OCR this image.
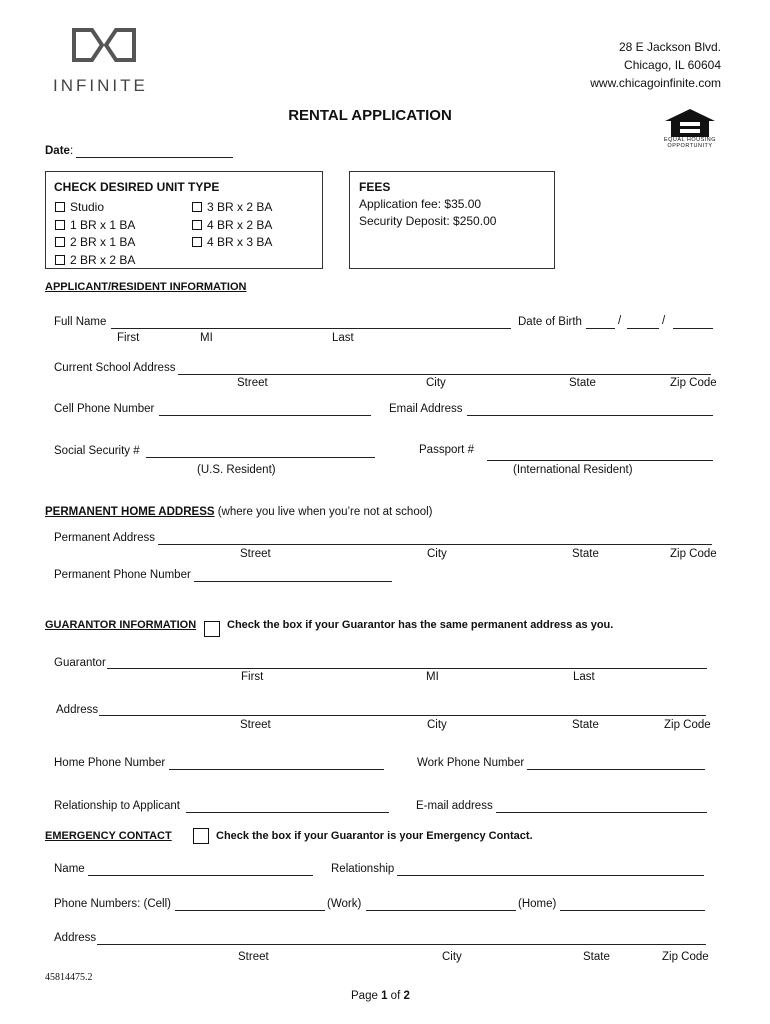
INFINITE
28 E Jackson Blvd.
Chicago, IL 60604
www.chicagoinfinite.com
RENTAL APPLICATION
EQUAL HOUSING
OPPORTUNITY
Date:
CHECK DESIRED UNIT TYPE
Studio
1 BR x 1 BA
2 BR x 1 BA
2 BR x 2 BA
3 BR x 2 BA
4 BR x 2 BA
4 BR x 3 BA
FEES
Application fee: $35.00
Security Deposit: $250.00
APPLICANT/RESIDENT INFORMATION
Full Name	Date of Birth	/	/
First	MI	Last
Current School Address
Street	City	State	Zip Code
Cell Phone Number	Email Address
Social Security #	Passport #
(U.S. Resident)	(International Resident)
PERMANENT HOME ADDRESS (where you live when you’re not at school)
Permanent Address
Street	City	State	Zip Code
Permanent Phone Number
GUARANTOR INFORMATION	Check the box if your Guarantor has the same permanent address as you.
Guarantor
First	MI	Last
Address
Street	City	State	Zip Code
Home Phone Number	Work Phone Number
Relationship to Applicant	E-mail address
EMERGENCY CONTACT	Check the box if your Guarantor is your Emergency Contact.
Name	Relationship
Phone Numbers: (Cell)	(Work)	(Home)
Address
Street	City	State	Zip Code
45814475.2
Page 1 of 2
